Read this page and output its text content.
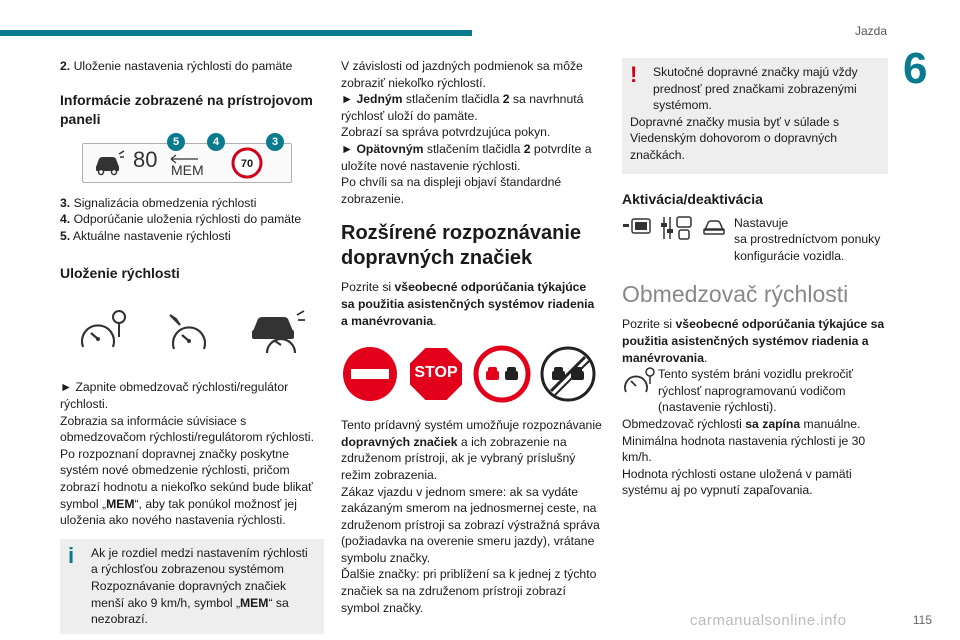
Jazda
6

2. Uloženie nastavenia rýchlosti do pamäte

Informácie zobrazené na prístrojovom paneli

80 MEM	70
5	4	3

3. Signalizácia obmedzenia rýchlosti

4. Odporúčanie uloženia rýchlosti do pamäte

5. Aktuálne nastavenie rýchlosti

Uloženie rýchlosti

► Zapnite obmedzovač rýchlosti/regulátor rýchlosti.

Zobrazia sa informácie súvisiace s obmedzovačom rýchlosti/regulátorom rýchlosti.

Po rozpoznaní dopravnej značky poskytne systém nové obmedzenie rýchlosti, pričom zobrazí hodnotu a niekoľko sekúnd bude blikať symbol „MEM“, aby tak ponúkol možnosť jej uloženia ako nového nastavenia rýchlosti.

i	Ak je rozdiel medzi nastavením rýchlosti a rýchlosťou zobrazenou systémom Rozpoznávanie dopravných značiek menší ako 9 km/h, symbol „MEM“ sa nezobrazí.

V závislosti od jazdných podmienok sa môže zobraziť niekoľko rýchlostí.

► Jedným stlačením tlačidla 2 sa navrhnutá rýchlosť uloží do pamäte.

Zobrazí sa správa potvrdzujúca pokyn.

► Opätovným stlačením tlačidla 2 potvrdíte a uložíte nové nastavenie rýchlosti.

Po chvíli sa na displeji objaví štandardné zobrazenie.

Rozšírené rozpoznávanie dopravných značiek

Pozrite si všeobecné odporúčania týkajúce sa použitia asistenčných systémov riadenia a manévrovania.

STOP

Tento prídavný systém umožňuje rozpoznávanie dopravných značiek a ich zobrazenie na združenom prístroji, ak je vybraný príslušný režim zobrazenia.

Zákaz vjazdu v jednom smere: ak sa vydáte zakázaným smerom na jednosmernej ceste, na združenom prístroji sa zobrazí výstražná správa (požiadavka na overenie smeru jazdy), vrátane symbolu značky.

Ďalšie značky: pri priblížení sa k jednej z týchto značiek sa na združenom prístroji zobrazí symbol značky.

!	Skutočné dopravné značky majú vždy prednosť pred značkami zobrazenými systémom.

Dopravné značky musia byť v súlade s Viedenským dohovorom o dopravných značkách.

Aktivácia/deaktivácia

Nastavuje

sa prostredníctvom ponuky konfigurácie vozidla.

Obmedzovač rýchlosti

Pozrite si všeobecné odporúčania týkajúce sa použitia asistenčných systémov riadenia a manévrovania.

Tento systém bráni vozidlu prekročiť

rýchlosť naprogramovanú vodičom (nastavenie rýchlosti).

Obmedzovač rýchlosti sa zapína manuálne.

Minimálna hodnota nastavenia rýchlosti je 30 km/h.

Hodnota rýchlosti ostane uložená v pamäti systému aj po vypnutí zapaľovania.

carmanualsonline.info	115
